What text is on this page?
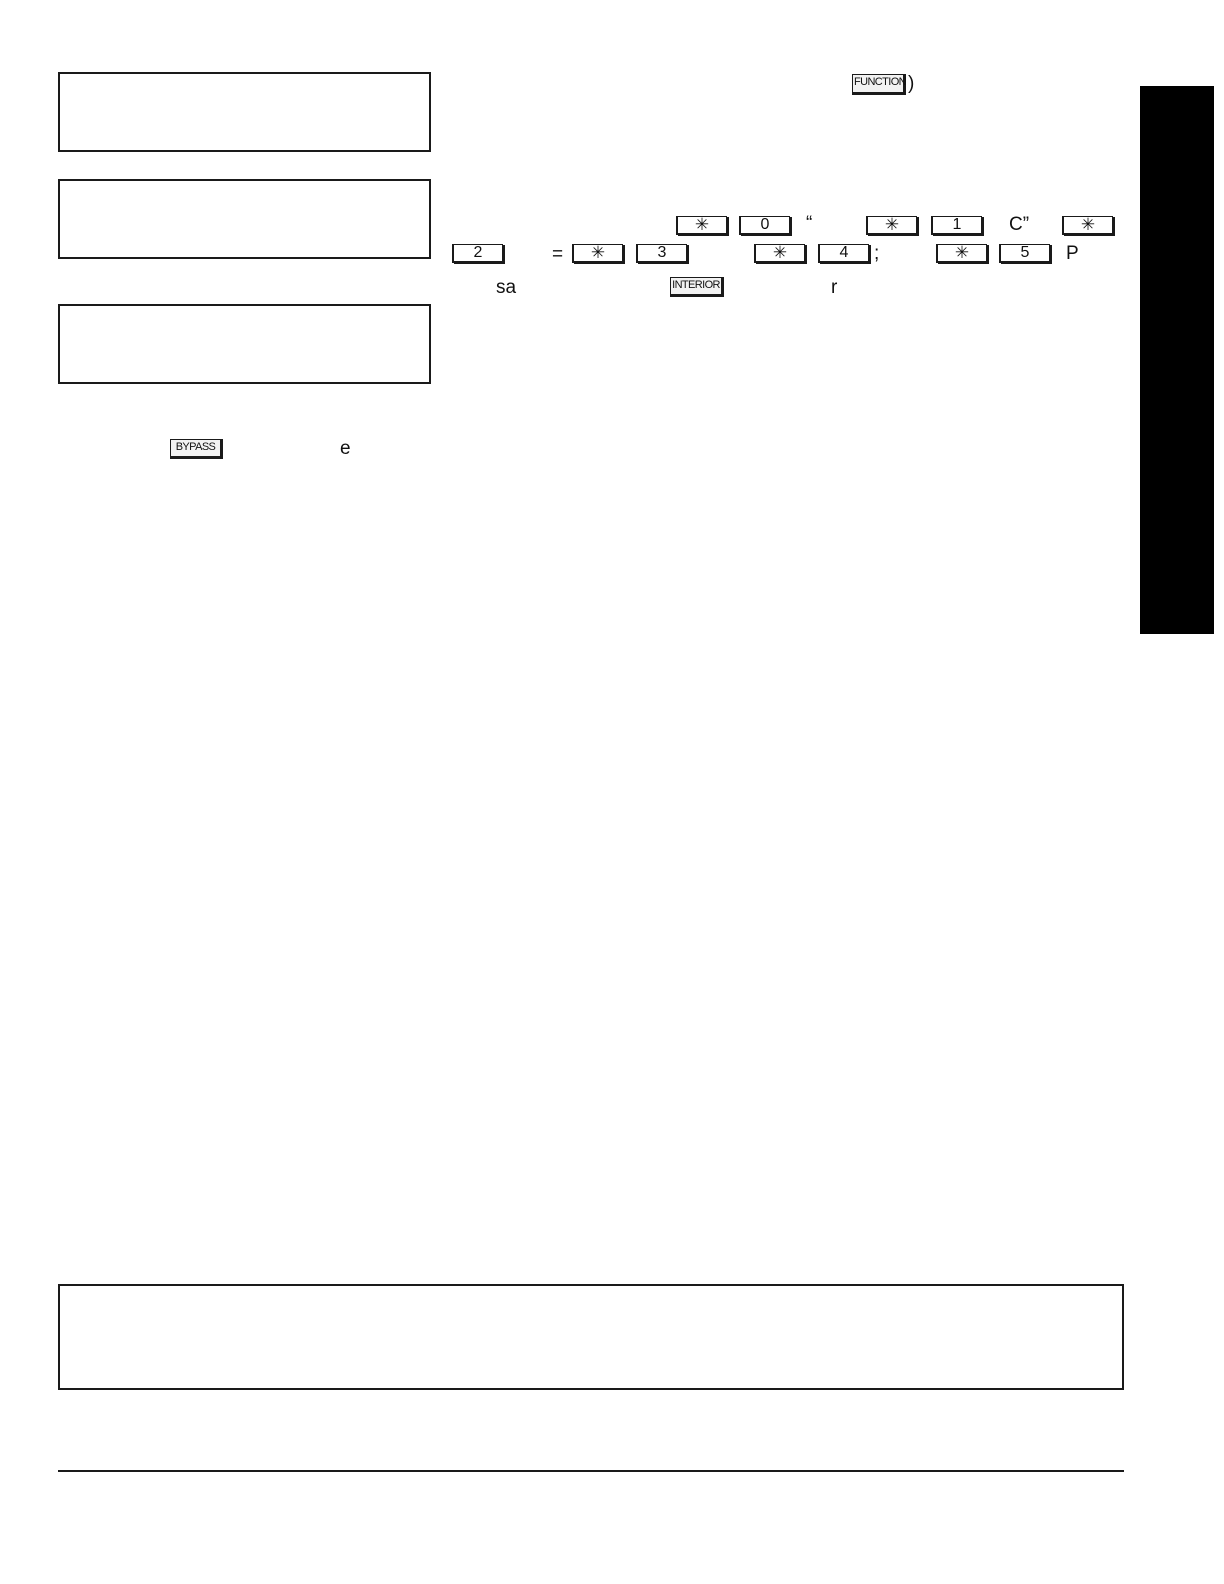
FUNCTION )
✳	0	“	✳	1	C”	✳
2	=	✳	3	✳	4	;	✳	5	P
sa	INTERIOR	r
BYPASS	e
